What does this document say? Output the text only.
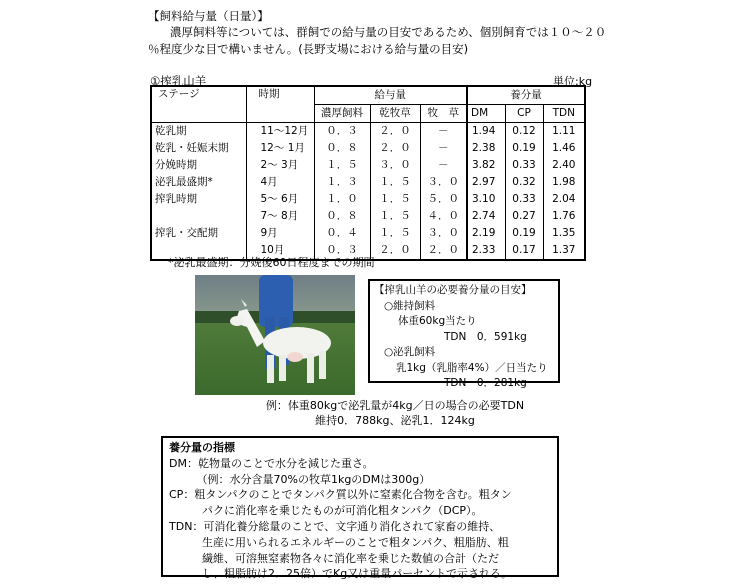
【飼料給与量（日量）】
濃厚飼料等については、群飼での給与量の目安であるため、個別飼育では１０～２０
％程度少な目で構いません。(長野支場における給与量の目安)
①搾乳山羊	単位:kg
ステージ	時期	給与量			養分量		
		濃厚飼料	乾牧草	牧　草	DM	CP	TDN
乾乳期	11～12月	０．３	２．０	－	1.94	0.12	1.11
乾乳・妊娠末期	12～ 1月	０．８	２．０	－	2.38	0.19	1.46
分娩時期	2～ 3月	１．５	３．０	－	3.82	0.33	2.40
泌乳最盛期*	4月	１．３	１．５	３．０	2.97	0.32	1.98
搾乳時期	5～ 6月	１．０	１．５	５．０	3.10	0.33	2.04
	7～ 8月	０．８	１．５	４．０	2.74	0.27	1.76
搾乳・交配期	9月	０．４	１．５	３．０	2.19	0.19	1.35
	10月	０．３	２．０	２．０	2.33	0.17	1.37
*泌乳最盛期：分娩後60日程度までの期間
【搾乳山羊の必要養分量の目安】
○維持飼料
体重60kg当たり
TDN　0．591kg
○泌乳飼料
乳1kg（乳脂率4%）／日当たり
TDN　0．281kg
例：体重80kgで泌乳量が4kg／日の場合の必要TDN
維持0．788kg、泌乳1．124kg
養分量の指標
DM：乾物量のことで水分を減じた重さ。
　　　（例：水分含量70%の牧草1kgのDMは300g）
CP：粗タンパクのことでタンパク質以外に窒素化合物を含む。粗タン
　　　パクに消化率を乗じたものが可消化粗タンパク（DCP）。
TDN：可消化養分総量のことで、文字通り消化されて家畜の維持、
　　　生産に用いられるエネルギーのことで粗タンパク、粗脂肪、粗
　　　繊維、可溶無窒素物各々に消化率を乗じた数値の合計（ただ
　　　し、粗脂肪は2．25倍）でKg又は重量パーセントで示される。
